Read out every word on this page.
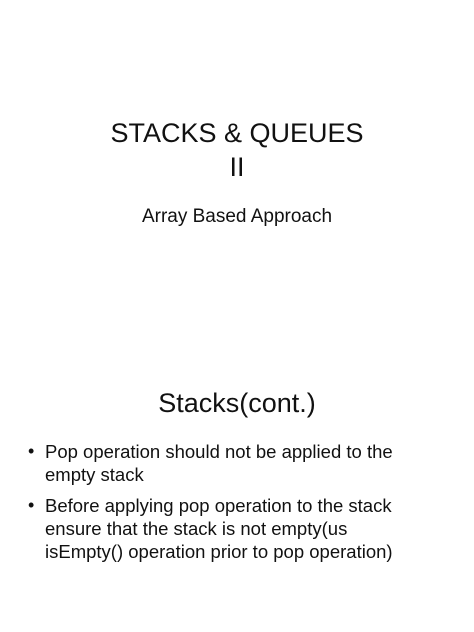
STACKS & QUEUES
II
Array Based Approach
Stacks(cont.)
• Pop operation should not be applied to the
empty stack
• Before applying pop operation to the stack
ensure that the stack is not empty(us
isEmpty() operation prior to pop operation)
